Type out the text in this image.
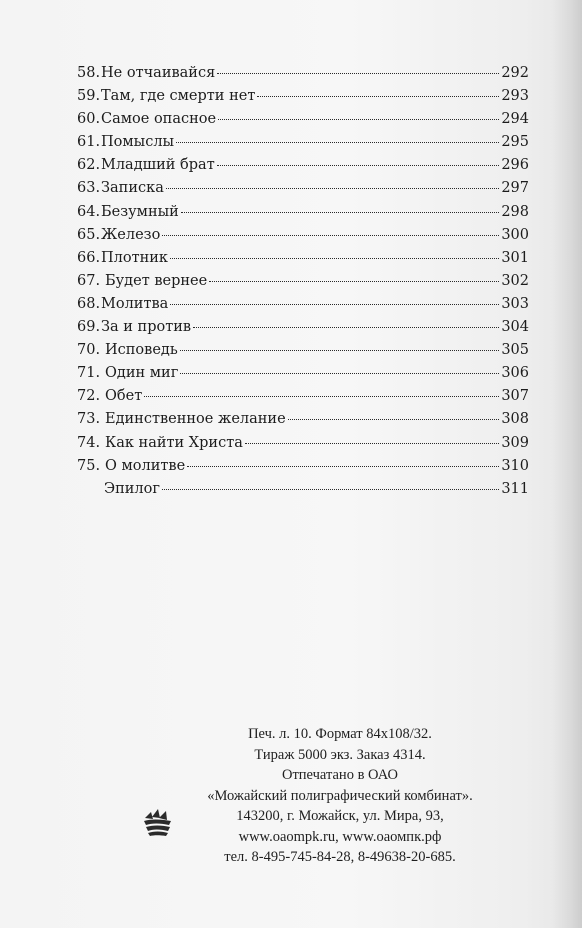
58. Не отчаивайся	292
59. Там, где смерти нет	293
60. Самое опасное	294
61. Помыслы	295
62. Младший брат	296
63. Записка	297
64. Безумный	298
65. Железо	300
66. Плотник	301
67. Будет вернее	302
68. Молитва	303
69. За и против	304
70. Исповедь	305
71. Один миг	306
72. Обет	307
73. Единственное желание	308
74. Как найти Христа	309
75. О молитве	310
Эпилог	311
Печ. л. 10. Формат 84х108/32.
Тираж 5000 экз. Заказ 4314.
Отпечатано в ОАО
«Можайский полиграфический комбинат».
143200, г. Можайск, ул. Мира, 93,
www.oaompk.ru, www.оаомпк.рф
тел. 8-495-745-84-28, 8-49638-20-685.
